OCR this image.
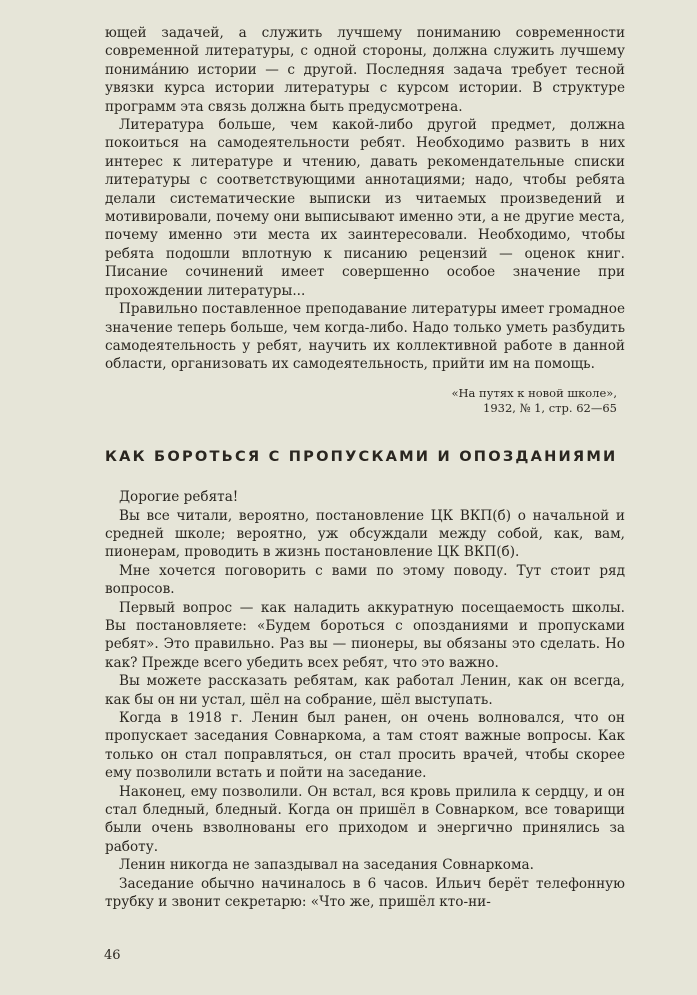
ющей задачей, а служить лучшему пониманию современности современной литературы, с одной стороны, должна служить лучшему понимáнию истории — с другой. Последняя задача требует тесной увязки курса истории литературы с курсом истории. В структуре программ эта связь должна быть предусмотрена.

Литература больше, чем какой-либо другой предмет, должна покоиться на самодеятельности ребят. Необходимо развить в них интерес к литературе и чтению, давать рекомендательные списки литературы с соответствующими аннотациями; надо, чтобы ребята делали систематические выписки из читаемых произведений и мотивировали, почему они выписывают именно эти, а не другие места, почему именно эти места их заинтересовали. Необходимо, чтобы ребята подошли вплотную к писанию рецензий — оценок книг. Писание сочинений имеет совершенно особое значение при прохождении литературы...

Правильно поставленное преподавание литературы имеет громадное значение теперь больше, чем когда-либо. Надо только уметь разбудить самодеятельность у ребят, научить их коллективной работе в данной области, организовать их самодеятельность, прийти им на помощь.

«На путях к новой школе»,
1932, № 1, стр. 62—65

КАК БОРОТЬСЯ С ПРОПУСКАМИ И ОПОЗДАНИЯМИ

Дорогие ребята!

Вы все читали, вероятно, постановление ЦК ВКП(б) о начальной и средней школе; вероятно, уж обсуждали между собой, как, вам, пионерам, проводить в жизнь постановление ЦК ВКП(б).

Мне хочется поговорить с вами по этому поводу. Тут стоит ряд вопросов.

Первый вопрос — как наладить аккуратную посещаемость школы. Вы постановляете: «Будем бороться с опозданиями и пропусками ребят». Это правильно. Раз вы — пионеры, вы обязаны это сделать. Но как? Прежде всего убедить всех ребят, что это важно.

Вы можете рассказать ребятам, как работал Ленин, как он всегда, как бы он ни устал, шёл на собрание, шёл выступать.

Когда в 1918 г. Ленин был ранен, он очень волновался, что он пропускает заседания Совнаркома, а там стоят важные вопросы. Как только он стал поправляться, он стал просить врачей, чтобы скорее ему позволили встать и пойти на заседание.

Наконец, ему позволили. Он встал, вся кровь прилила к сердцу, и он стал бледный, бледный. Когда он пришёл в Совнарком, все товарищи были очень взволнованы его приходом и энергично принялись за работу.

Ленин никогда не запаздывал на заседания Совнаркома.

Заседание обычно начиналось в 6 часов. Ильич берёт телефонную трубку и звонит секретарю: «Что же, пришёл кто-ни-

46
